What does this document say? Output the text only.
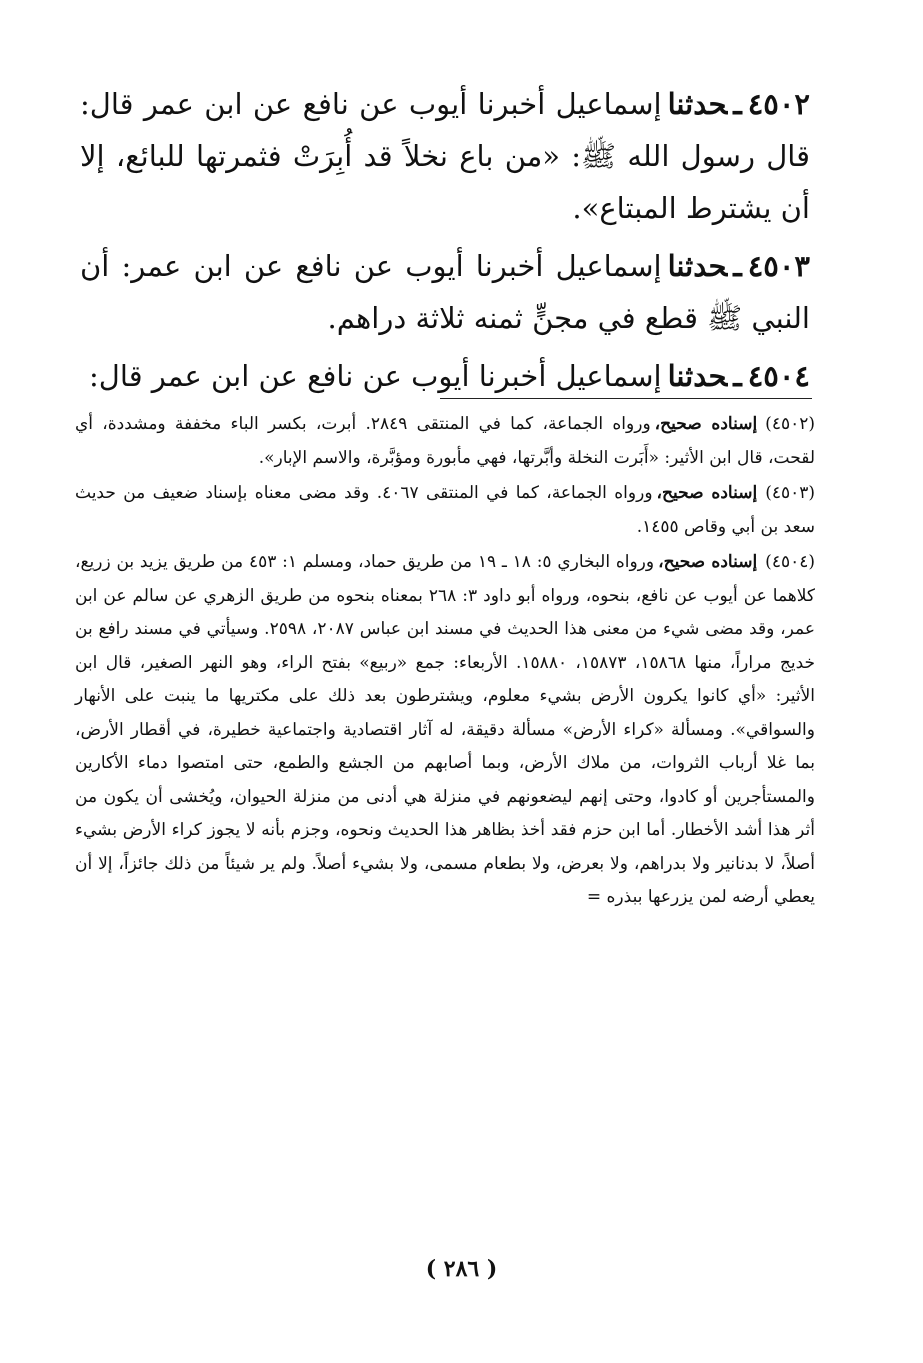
٤٥٠٢ـحدثناإسماعيل أخبرنا أيوب عن نافع عن ابن عمر قال: قال رسول الله ﷺ: «من باع نخلاً قد أُبِرَتْ فثمرتها للبائع، إلا أن يشترط المبتاع».

٤٥٠٣ـحدثناإسماعيل أخبرنا أيوب عن نافع عن ابن عمر: أن النبي ﷺ قطع في مجنٍّ ثمنه ثلاثة دراهم.

٤٥٠٤ـحدثناإسماعيل أخبرنا أيوب عن نافع عن ابن عمر قال:

(٤٥٠٢)إسناده صحيح،ورواه الجماعة، كما في المنتقى ٢٨٤٩. أبرت، بكسر الباء مخففة ومشددة، أي لقحت، قال ابن الأثير: «أَبَرت النخلة وأبَّرتها، فهي مأبورة ومؤبَّرة، والاسم الإبار».

(٤٥٠٣)إسناده صحيح،ورواه الجماعة، كما في المنتقى ٤٠٦٧. وقد مضى معناه بإسناد ضعيف من حديث سعد بن أبي وقاص ١٤٥٥.

(٤٥٠٤)إسناده صحيح،ورواه البخاري ٥: ١٨ ـ ١٩ من طريق حماد، ومسلم ١: ٤٥٣ من طريق يزيد بن زريع، كلاهما عن أيوب عن نافع، بنحوه، ورواه أبو داود ٣: ٢٦٨ بمعناه بنحوه من طريق الزهري عن سالم عن ابن عمر، وقد مضى شيء من معنى هذا الحديث في مسند ابن عباس ٢٠٨٧، ٢٥٩٨. وسيأتي في مسند رافع بن خديج مراراً، منها ١٥٨٦٨، ١٥٨٧٣، ١٥٨٨٠. الأربعاء: جمع «ربيع» بفتح الراء، وهو النهر الصغير، قال ابن الأثير: «أي كانوا يكرون الأرض بشيء معلوم، ويشترطون بعد ذلك على مكتريها ما ينبت على الأنهار والسواقي». ومسألة «كراء الأرض» مسألة دقيقة، له آثار اقتصادية واجتماعية خطيرة، في أقطار الأرض، بما غلا أرباب الثروات، من ملاك الأرض، وبما أصابهم من الجشع والطمع، حتى امتصوا دماء الأكارين والمستأجرين أو كادوا، وحتى إنهم ليضعونهم في منزلة هي أدنى من منزلة الحيوان، ويُخشى أن يكون من أثر هذا أشد الأخطار. أما ابن حزم فقد أخذ بظاهر هذا الحديث ونحوه، وجزم بأنه لا يجوز كراء الأرض بشيء أصلاً، لا بدنانير ولا بدراهم، ولا بعرض، ولا بطعام مسمى، ولا بشيء أصلاً. ولم ير شيئاً من ذلك جائزاً، إلا أن يعطي أرضه لمن يزرعها ببذره =

( ٢٨٦ )
